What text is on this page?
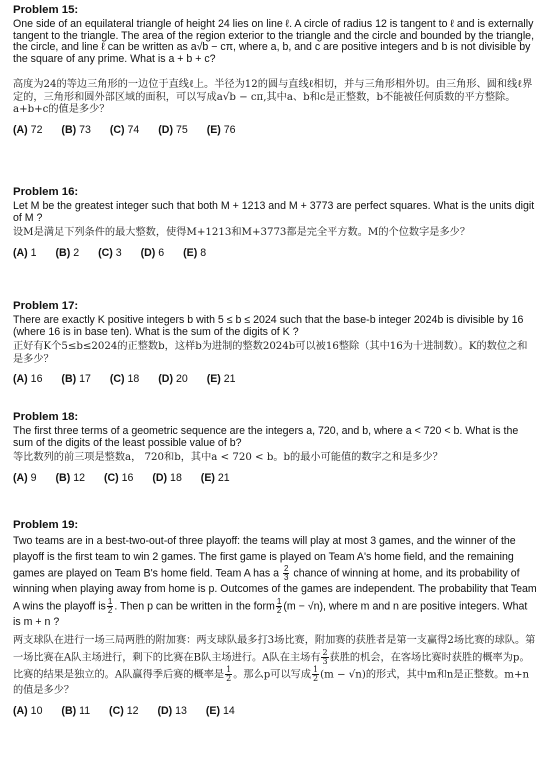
Problem 15:
One side of an equilateral triangle of height 24 lies on line ℓ. A circle of radius 12 is tangent to ℓ and is externally tangent to the triangle. The area of the region exterior to the triangle and the circle and bounded by the triangle, the circle, and line ℓ can be written as a√b − cπ, where a, b, and c are positive integers and b is not divisible by the square of any prime. What is a + b + c?
高度为24的等边三角形的一边位于直线ℓ上。半径为12的圆与直线ℓ相切，并与三角形相外切。由三角形、圆和线ℓ界定的，三角形和圆外部区域的面积，可以写成a√b − cπ,其中a、b和c是正整数，b不能被任何质数的平方整除。a+b+c的值是多少？
(A) 72 (B) 73 (C) 74 (D) 75 (E) 76
Problem 16:
Let M be the greatest integer such that both M + 1213 and M + 3773 are perfect squares. What is the units digit of M ?
设M是满足下列条件的最大整数，使得M+1213和M+3773都是完全平方数。M的个位数字是多少？
(A) 1 (B) 2 (C) 3 (D) 6 (E) 8
Problem 17:
There are exactly K positive integers b with 5 ≤ b ≤ 2024 such that the base-b integer 2024b is divisible by 16 (where 16 is in base ten). What is the sum of the digits of K ?
正好有K个5≤b≤2024的正整数b，这样b为进制的整数2024b可以被16整除（其中16为十进制数）。K的数位之和是多少？
(A) 16 (B) 17 (C) 18 (D) 20 (E) 21
Problem 18:
The first three terms of a geometric sequence are the integers a, 720, and b, where a < 720 < b. What is the sum of the digits of the least possible value of b?
等比数列的前三项是整数a， 720和b，其中a < 720 < b。b的最小可能值的数字之和是多少？
(A) 9 (B) 12 (C) 16 (D) 18 (E) 21
Problem 19:
Two teams are in a best-two-out-of three playoff: the teams will play at most 3 games, and the winner of the playoff is the first team to win 2 games. The first game is played on Team A's home field, and the remaining games are played on Team B's home field. Team A has a $\frac{2}{3}$ chance of winning at home, and its probability of winning when playing away from home is p. Outcomes of the games are independent. The probability that Team A wins the playoff is $\frac{1}{2}$ . Then p can be written in the form $\frac{1}{2} (m - √n)$, where m and n are positive integers. What is m + n ?
两支球队在进行一场三局两胜的附加赛：两支球队最多打3场比赛，附加赛的获胜者是第一支赢得2场比赛的球队。第一场比赛在A队主场进行，剩下的比赛在B队主场进行。A队在主场有 $\frac{2}{3}$ 获胜的机会，在客场比赛时获胜的概率为p。比赛的结果是独立的。A队赢得季后赛的概率是 $\frac{1}{2}$ 。那么p可以写成 $\frac{1}{2} (m - √n)$的形式，其中m和n是正整数。m+n的值是多少？
(A) 10 (B) 11 (C) 12 (D) 13 (E) 14
